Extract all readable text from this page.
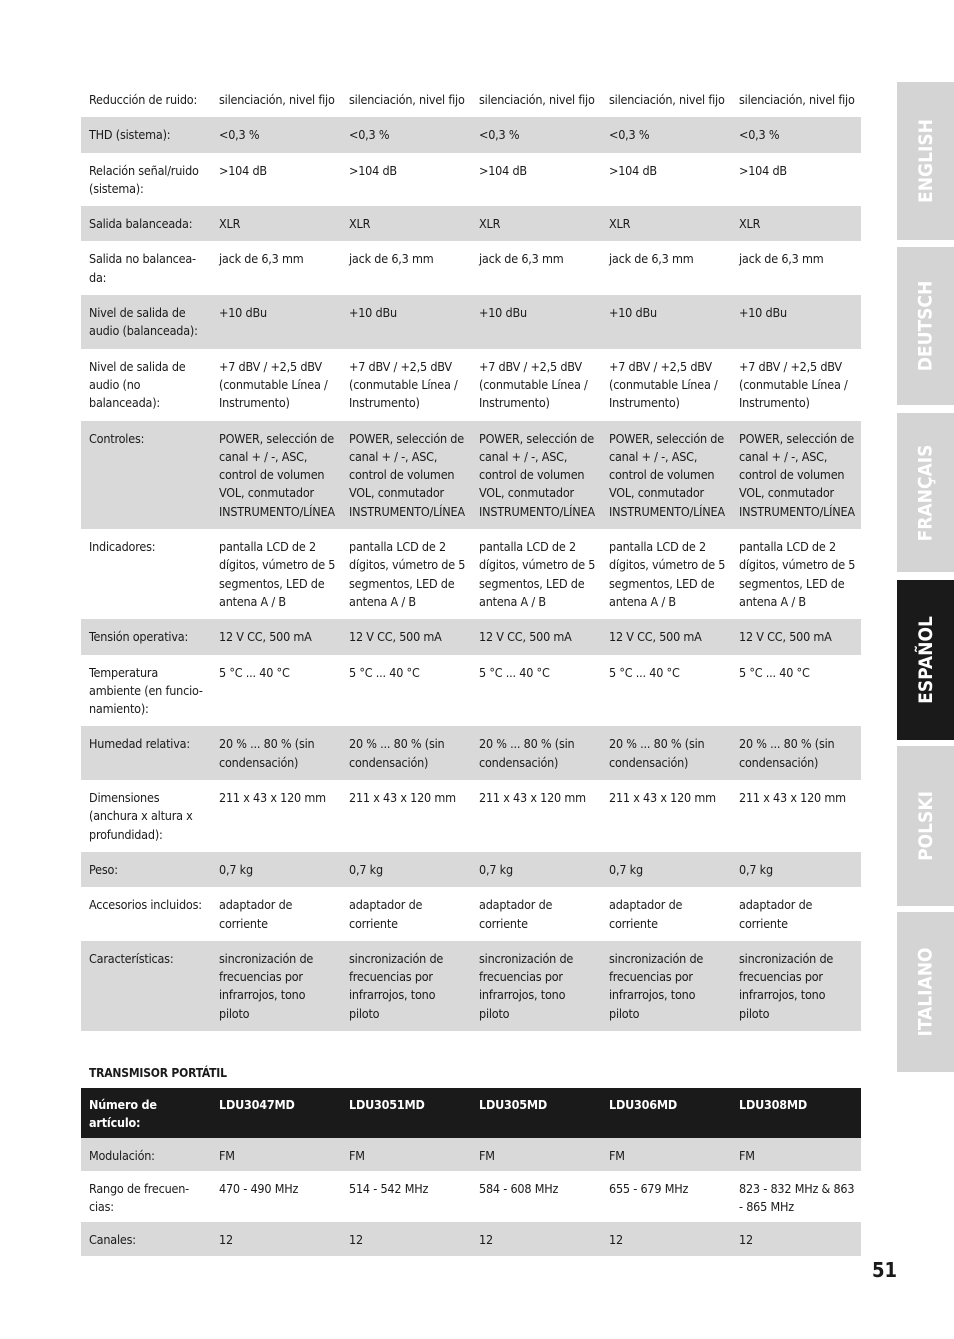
Reducción de ruido:	silenciación, nivel fijo	silenciación, nivel fijo	silenciación, nivel fijo	silenciación, nivel fijo	silenciación, nivel fijo
THD (sistema):	<0,3 %	<0,3 %	<0,3 %	<0,3 %	<0,3 %
Relación señal/ruido (sistema):	>104 dB	>104 dB	>104 dB	>104 dB	>104 dB
Salida balanceada:	XLR	XLR	XLR	XLR	XLR
Salida no balancea-da:	jack de 6,3 mm	jack de 6,3 mm	jack de 6,3 mm	jack de 6,3 mm	jack de 6,3 mm
Nivel de salida de audio (balanceada):	+10 dBu	+10 dBu	+10 dBu	+10 dBu	+10 dBu
Nivel de salida de audio (no balanceada):	+7 dBV / +2,5 dBV (conmutable Línea / Instrumento)	+7 dBV / +2,5 dBV (conmutable Línea / Instrumento)	+7 dBV / +2,5 dBV (conmutable Línea / Instrumento)	+7 dBV / +2,5 dBV (conmutable Línea / Instrumento)	+7 dBV / +2,5 dBV (conmutable Línea / Instrumento)
Controles:	POWER, selección de canal + / -, ASC, control de volumen VOL, conmutador INSTRUMENTO/LÍNEA	POWER, selección de canal + / -, ASC, control de volumen VOL, conmutador INSTRUMENTO/LÍNEA	POWER, selección de canal + / -, ASC, control de volumen VOL, conmutador INSTRUMENTO/LÍNEA	POWER, selección de canal + / -, ASC, control de volumen VOL, conmutador INSTRUMENTO/LÍNEA	POWER, selección de canal + / -, ASC, control de volumen VOL, conmutador INSTRUMENTO/LÍNEA
Indicadores:	pantalla LCD de 2 dígitos, vúmetro de 5 segmentos, LED de antena A / B	pantalla LCD de 2 dígitos, vúmetro de 5 segmentos, LED de antena A / B	pantalla LCD de 2 dígitos, vúmetro de 5 segmentos, LED de antena A / B	pantalla LCD de 2 dígitos, vúmetro de 5 segmentos, LED de antena A / B	pantalla LCD de 2 dígitos, vúmetro de 5 segmentos, LED de antena A / B
Tensión operativa:	12 V CC, 500 mA	12 V CC, 500 mA	12 V CC, 500 mA	12 V CC, 500 mA	12 V CC, 500 mA
Temperatura ambiente (en funcio-namiento):	5 °C ... 40 °C	5 °C ... 40 °C	5 °C ... 40 °C	5 °C ... 40 °C	5 °C ... 40 °C
Humedad relativa:	20 % ... 80 % (sin condensación)	20 % ... 80 % (sin condensación)	20 % ... 80 % (sin condensación)	20 % ... 80 % (sin condensación)	20 % ... 80 % (sin condensación)
Dimensiones (anchura x altura x profundidad):	211 x 43 x 120 mm	211 x 43 x 120 mm	211 x 43 x 120 mm	211 x 43 x 120 mm	211 x 43 x 120 mm
Peso:	0,7 kg	0,7 kg	0,7 kg	0,7 kg	0,7 kg
Accesorios incluidos:	adaptador de corriente	adaptador de corriente	adaptador de corriente	adaptador de corriente	adaptador de corriente
Características:	sincronización de frecuencias por infrarrojos, tono piloto	sincronización de frecuencias por infrarrojos, tono piloto	sincronización de frecuencias por infrarrojos, tono piloto	sincronización de frecuencias por infrarrojos, tono piloto	sincronización de frecuencias por infrarrojos, tono piloto
TRANSMISOR PORTÁTIL
Número de artículo:	LDU3047MD	LDU3051MD	LDU305MD	LDU306MD	LDU308MD
Modulación:	FM	FM	FM	FM	FM
Rango de frecuen-cias:	470 - 490 MHz	514 - 542 MHz	584 - 608 MHz	655 - 679 MHz	823 - 832 MHz & 863 - 865 MHz
Canales:	12	12	12	12	12
ENGLISH
DEUTSCH
FRANÇAIS
ESPAÑOL
POLSKI
ITALIANO
51
